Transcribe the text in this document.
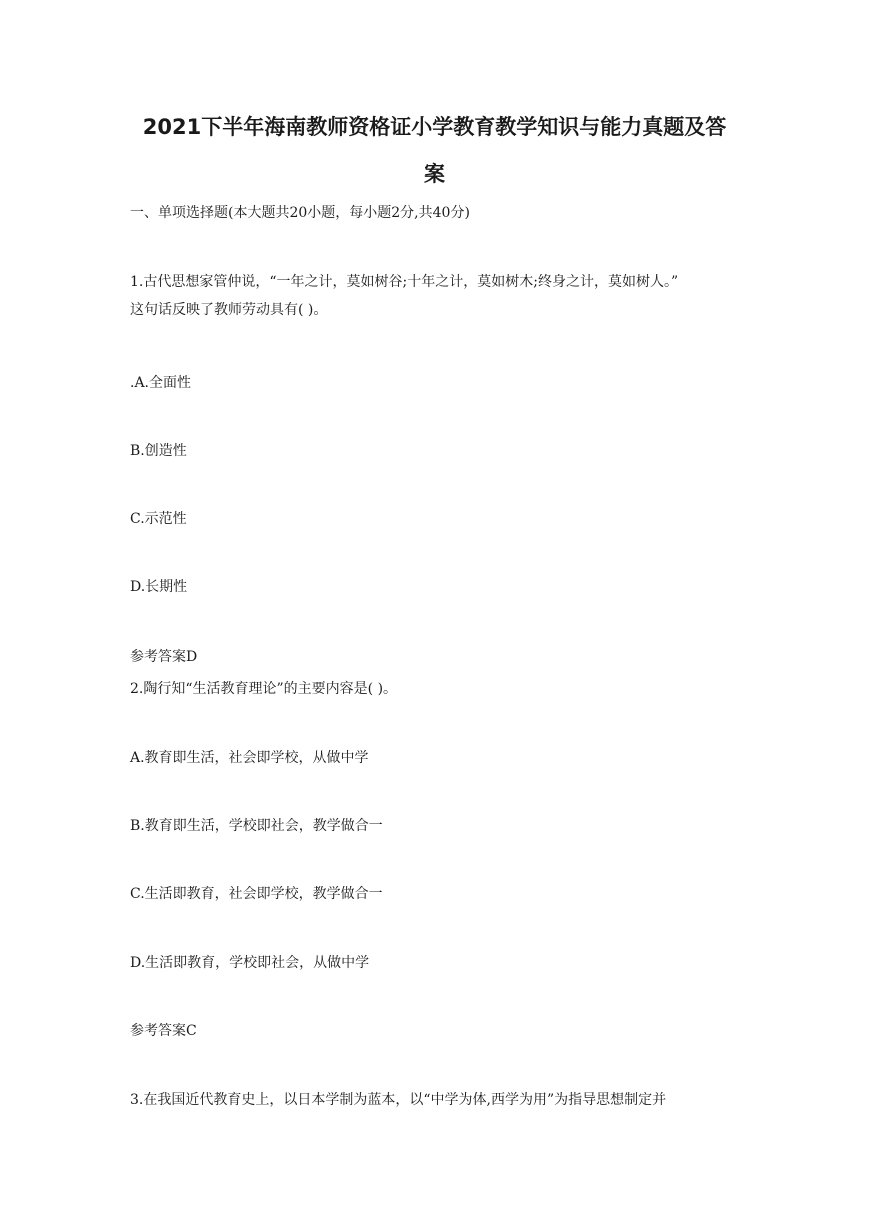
2021下半年海南教师资格证小学教育教学知识与能力真题及答
案
一、单项选择题(本大题共20小题，每小题2分,共40分)
1.古代思想家管仲说，“一年之计，莫如树谷;十年之计，莫如树木;终身之计，莫如树人。”
这句话反映了教师劳动具有( )。
.A.全面性
B.创造性
C.示范性
D.长期性
参考答案D
2.陶行知“生活教育理论”的主要内容是( )。
A.教育即生活，社会即学校，从做中学
B.教育即生活，学校即社会，教学做合一
C.生活即教育，社会即学校，教学做合一
D.生活即教育，学校即社会，从做中学
参考答案C
3.在我国近代教育史上，以日本学制为蓝本，以“中学为体,西学为用”为指导思想制定并
